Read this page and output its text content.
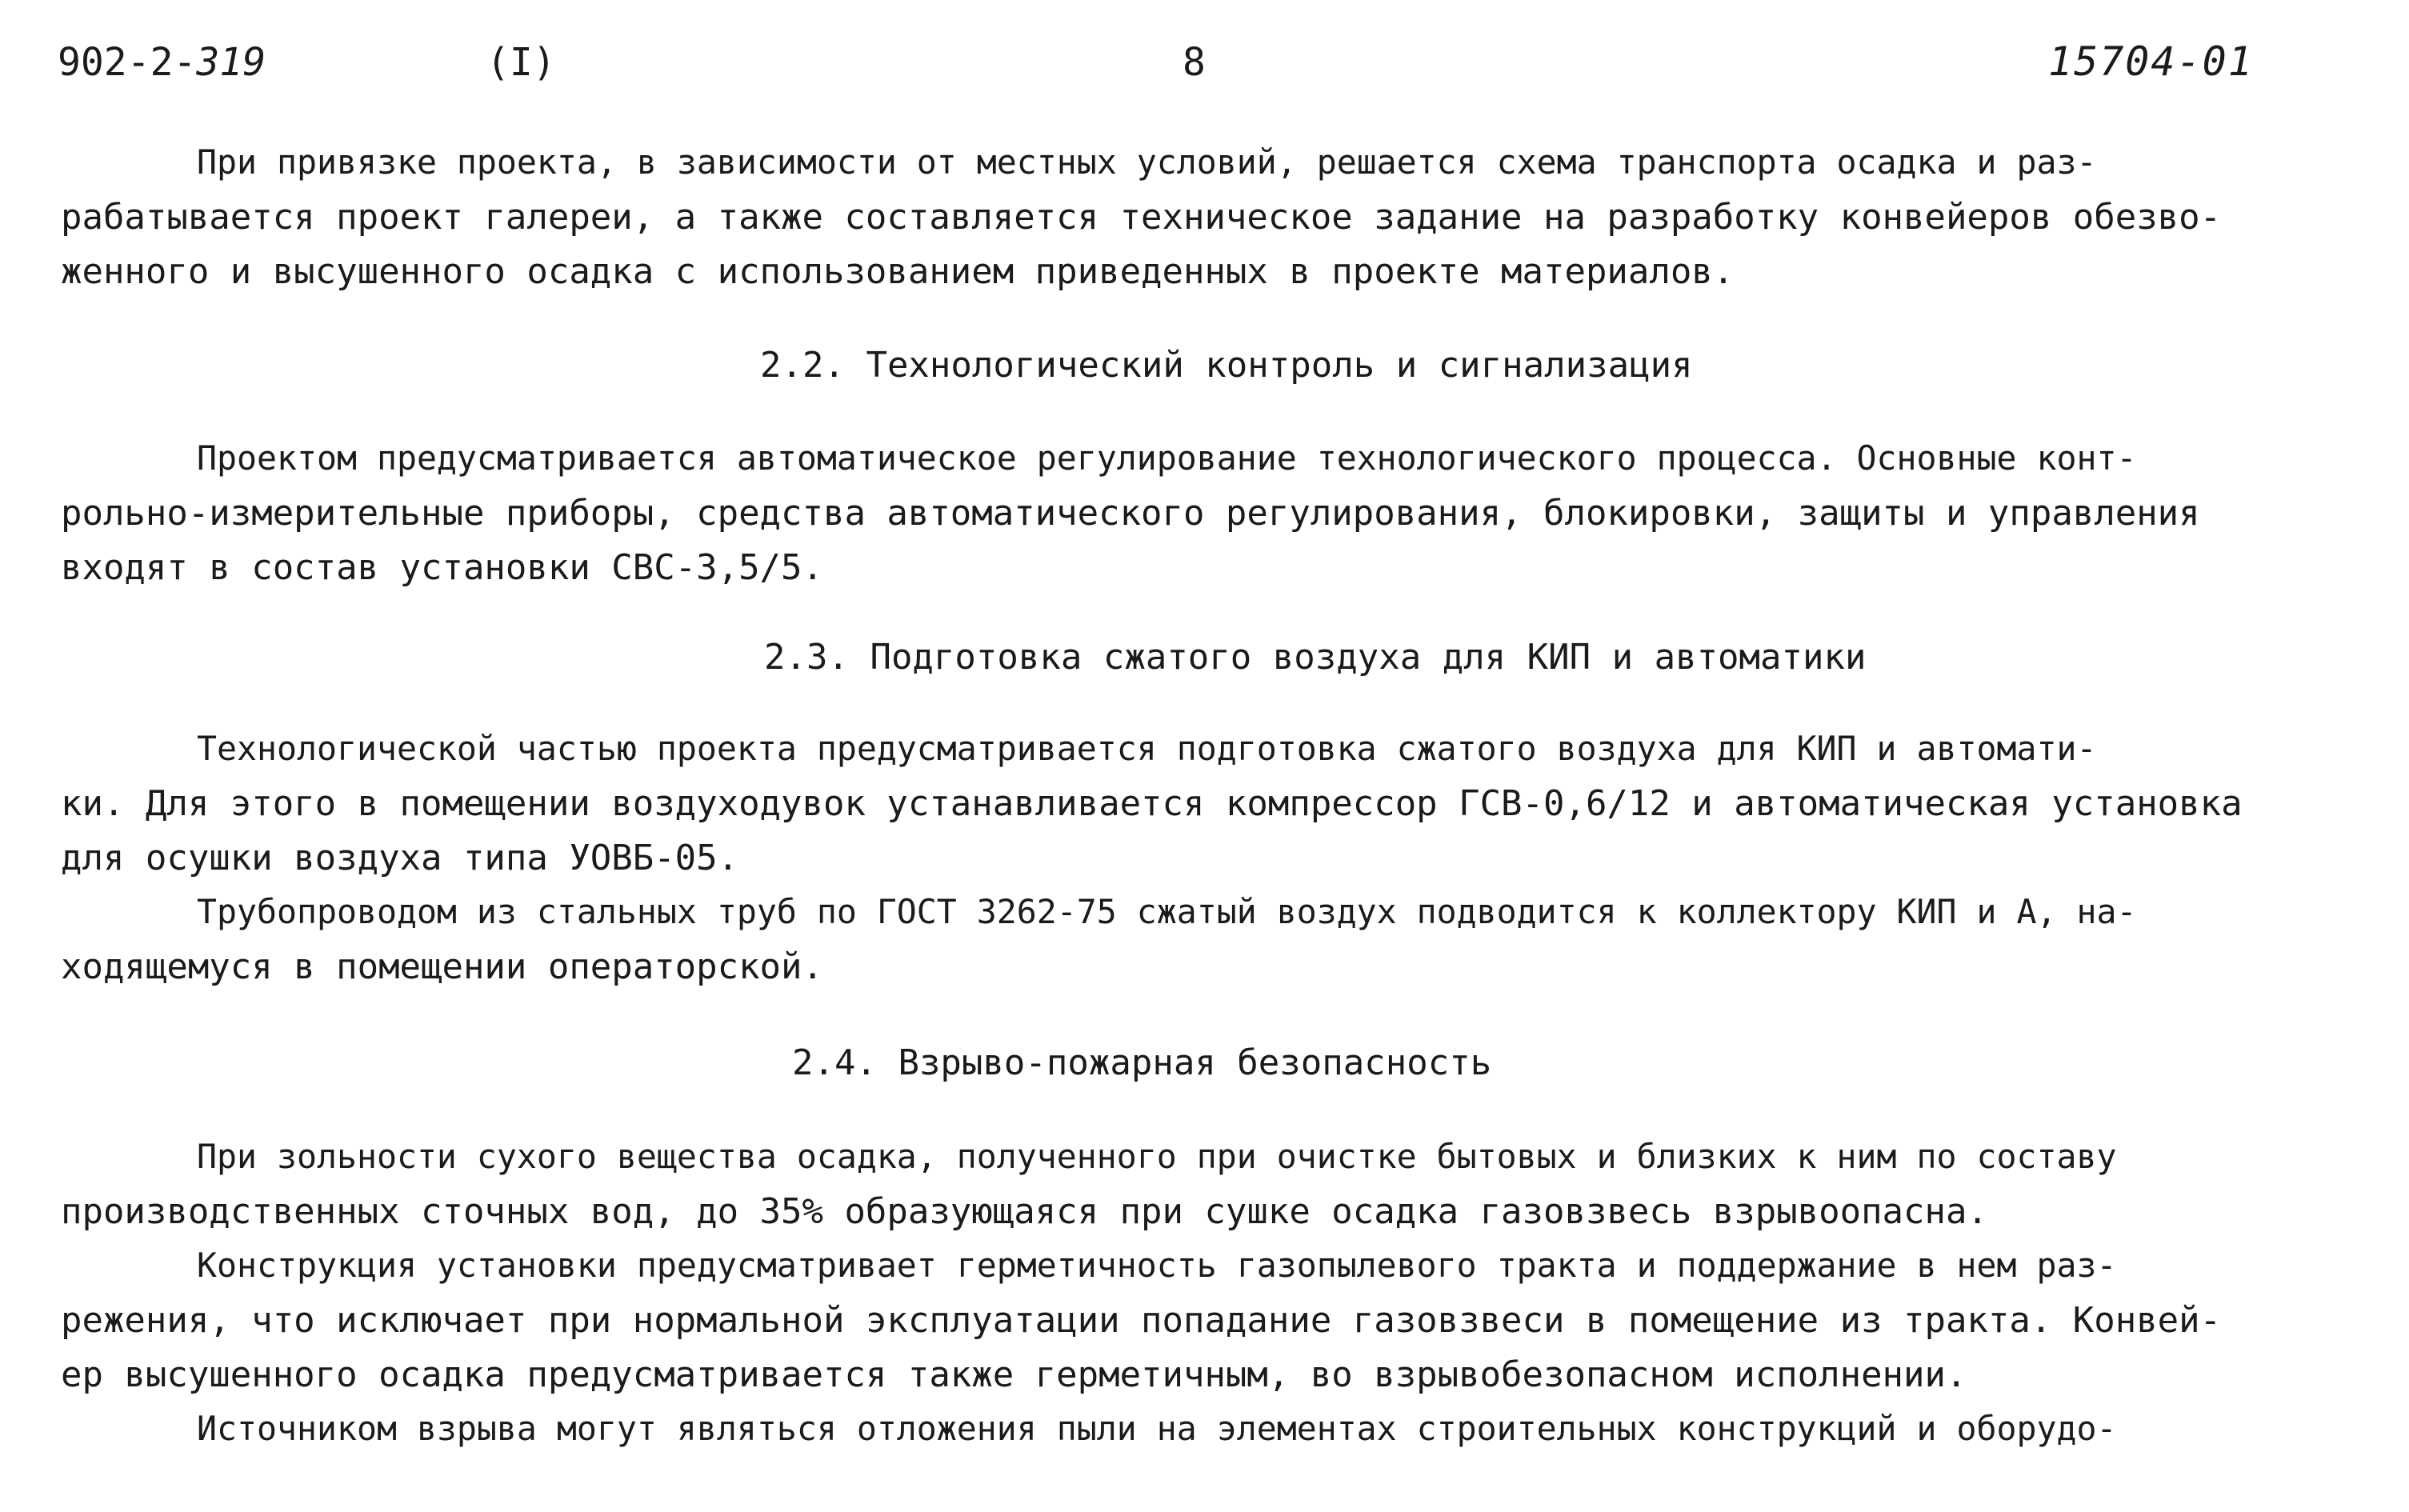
902-2-319	(I)	8	15704-01
При привязке проекта, в зависимости от местных условий, решается схема транспорта осадка и раз-
рабатывается проект галереи, а также составляется техническое задание на разработку конвейеров обезво-
женного и высушенного осадка с использованием приведенных в проекте материалов.
2.2. Технологический контроль и сигнализация
Проектом предусматривается автоматическое регулирование технологического процесса. Основные конт-
рольно-измерительные приборы, средства автоматического регулирования, блокировки, защиты и управления
входят в состав установки СВС-3,5/5.
2.3. Подготовка сжатого воздуха для КИП и автоматики
Технологической частью проекта предусматривается подготовка сжатого воздуха для КИП и автомати-
ки. Для этого в помещении воздуходувок устанавливается компрессор ГСВ-0,6/12 и автоматическая установка
для осушки воздуха типа УОВБ-05.
Трубопроводом из стальных труб по ГОСТ 3262-75 сжатый воздух подводится к коллектору КИП и А, на-
ходящемуся в помещении операторской.
2.4. Взрыво-пожарная безопасность
При зольности сухого вещества осадка, полученного при очистке бытовых и близких к ним по составу
производственных сточных вод, до 35% образующаяся при сушке осадка газовзвесь взрывоопасна.
Конструкция установки предусматривает герметичность газопылевого тракта и поддержание в нем раз-
режения, что исключает при нормальной эксплуатации попадание газовзвеси в помещение из тракта. Конвей-
ер высушенного осадка предусматривается также герметичным, во взрывобезопасном исполнении.
Источником взрыва могут являться отложения пыли на элементах строительных конструкций и оборудо-
